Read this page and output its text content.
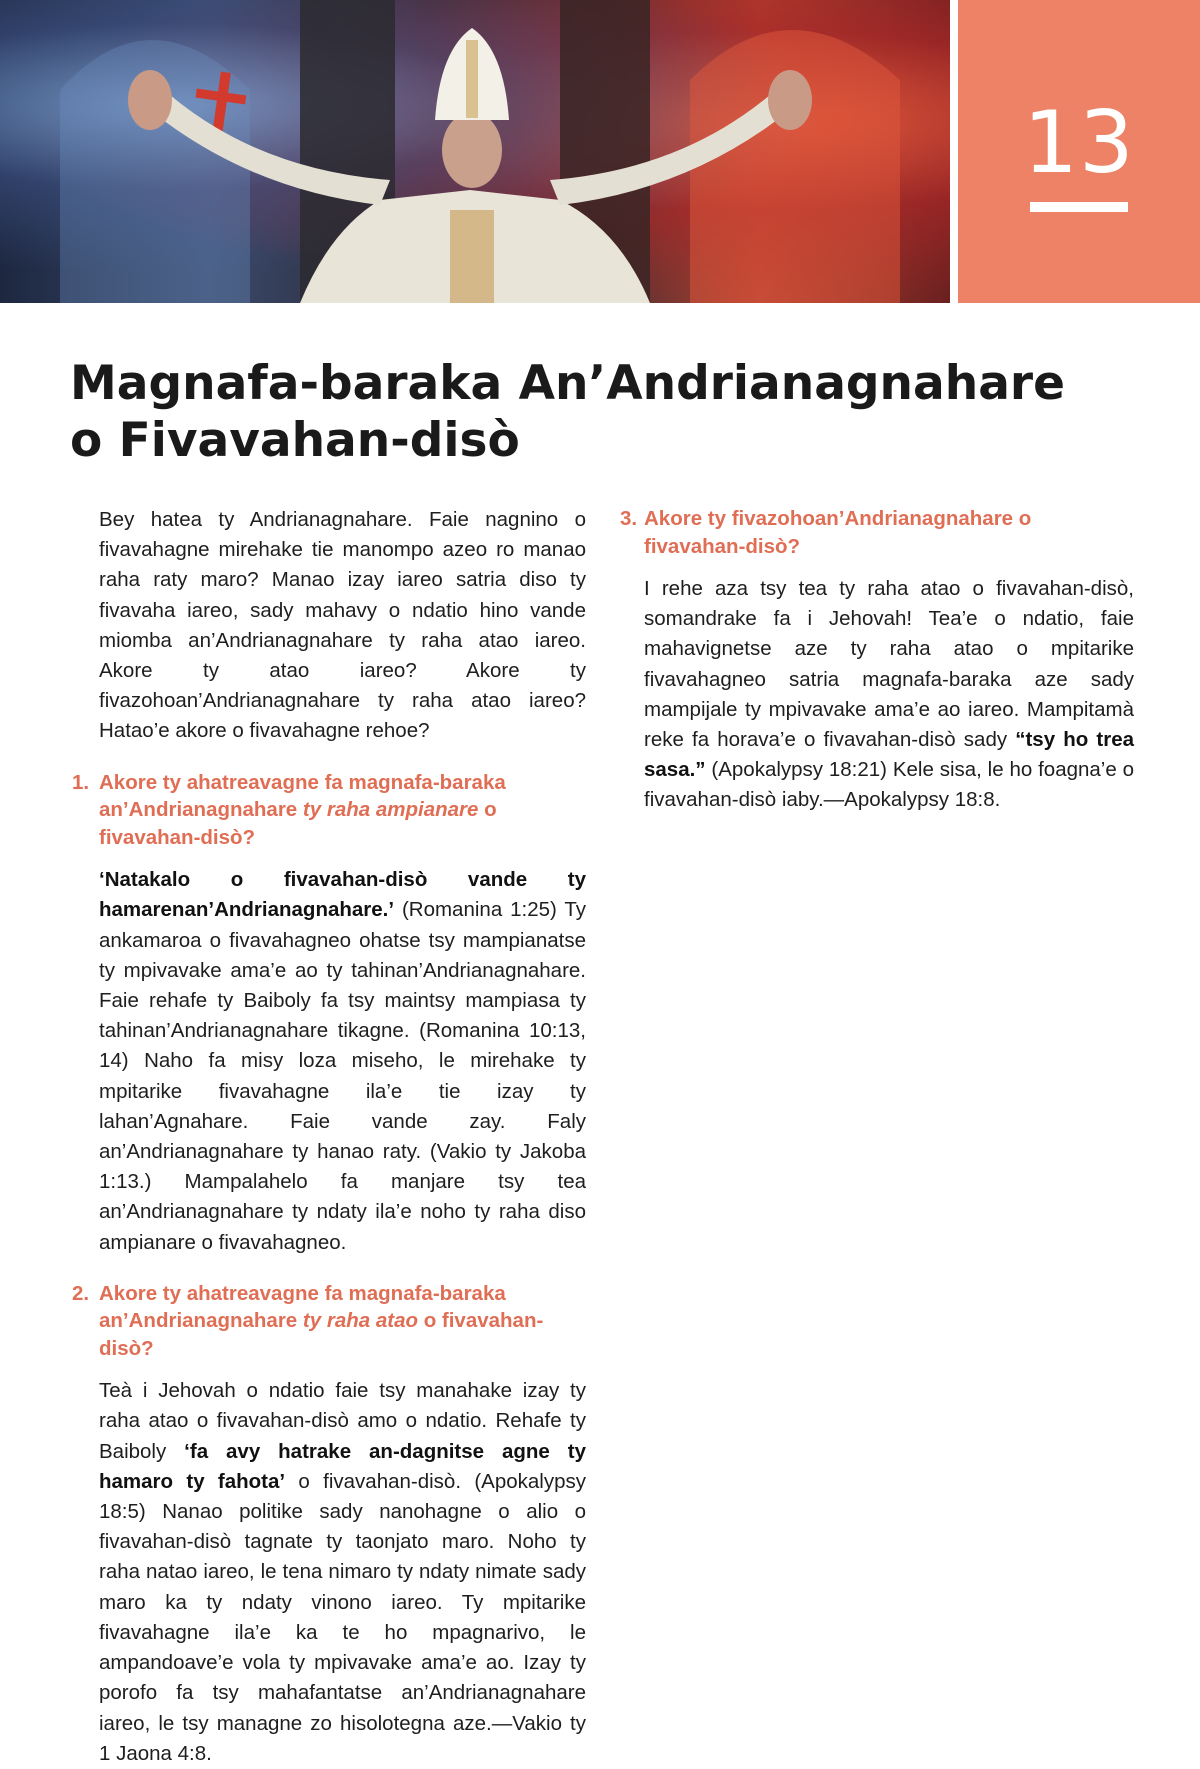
13
Magnafa-baraka An’Andrianagnahare
o Fivavahan-disò

Bey hatea ty Andrianagnahare. Faie nagnino o fivavahagne mirehake tie manompo azeo ro manao raha raty maro? Manao izay iareo satria diso ty fivavaha iareo, sady mahavy o ndatio hino vande miomba an’Andrianagnahare ty raha atao iareo. Akore ty atao iareo? Akore ty fivazohoan’Andrianagnahare ty raha atao iareo? Hatao’e akore o fivavahagne rehoe?

1. Akore ty ahatreavagne fa magnafa-baraka an’Andrianagnahare ty raha ampianare o fivavahan-disò?

‘Natakalo o fivavahan-disò vande ty hamarenan’Andrianagnahare.’ (Romanina 1:25) Ty ankamaroa o fivavahagneo ohatse tsy mampianatse ty mpivavake ama’e ao ty tahinan’Andrianagnahare. Faie rehafe ty Baiboly fa tsy maintsy mampiasa ty tahinan’Andrianagnahare tikagne. (Romanina 10:13, 14) Naho fa misy loza miseho, le mirehake ty mpitarike fivavahagne ila’e tie izay ty lahan’Agnahare. Faie vande zay. Faly an’Andrianagnahare ty hanao raty. (Vakio ty Jakoba 1:13.) Mampalahelo fa manjare tsy tea an’Andrianagnahare ty ndaty ila’e noho ty raha diso ampianare o fivavahagneo.

2. Akore ty ahatreavagne fa magnafa-baraka an’Andrianagnahare ty raha atao o fivavahan-disò?

Teà i Jehovah o ndatio faie tsy manahake izay ty raha atao o fivavahan-disò amo o ndatio. Rehafe ty Baiboly ‘fa avy hatrake an-dagnitse agne ty hamaro ty fahota’ o fivavahan-disò. (Apokalypsy 18:5) Nanao politike sady nanohagne o alio o fivavahan-disò tagnate ty taonjato maro. Noho ty raha natao iareo, le tena nimaro ty ndaty nimate sady maro ka ty ndaty vinono iareo. Ty mpitarike fivavahagne ila’e ka te ho mpagnarivo, le ampandoave’e vola ty mpivavake ama’e ao. Izay ty porofo fa tsy mahafantatse an’Andrianagnahare iareo, le tsy managne zo hisolotegna aze.—Vakio ty 1 Jaona 4:8.

3. Akore ty fivazohoan’Andrianagnahare o fivavahan-disò?

I rehe aza tsy tea ty raha atao o fivavahan-disò, somandrake fa i Jehovah! Tea’e o ndatio, faie mahavignetse aze ty raha atao o mpitarike fivavahagneo satria magnafa-baraka aze sady mampijale ty mpivavake ama’e ao iareo. Mampitamà reke fa horava’e o fivavahan-disò sady “tsy ho trea sasa.” (Apokalypsy 18:21) Kele sisa, le ho foagna’e o fivavahan-disò iaby.—Apokalypsy 18:8.
